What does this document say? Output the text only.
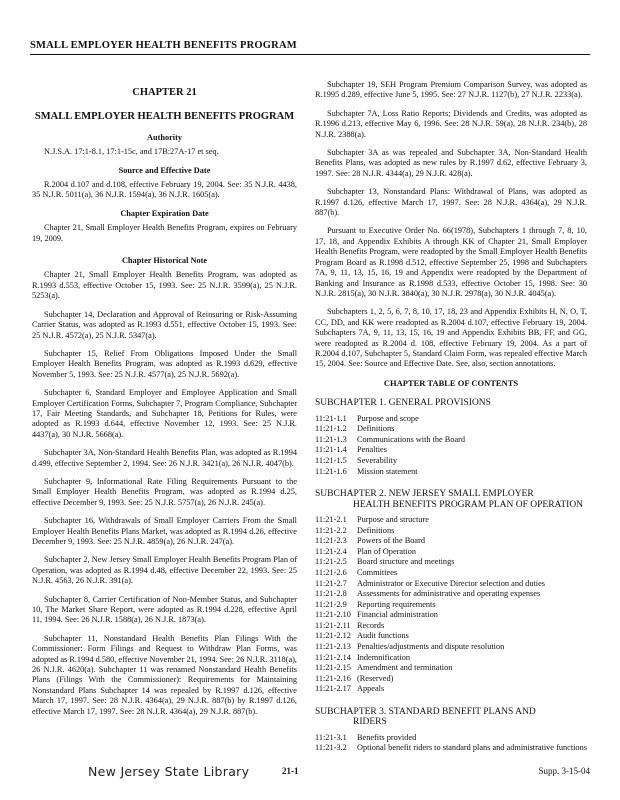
SMALL EMPLOYER HEALTH BENEFITS PROGRAM
CHAPTER 21
SMALL EMPLOYER HEALTH BENEFITS PROGRAM
Authority

N.J.S.A. 17:1-8.1, 17:1-15c, and 17B:27A-17 et seq.

Source and Effective Date

R.2004 d.107 and d.108, effective February 19, 2004. See: 35 N.J.R. 4438, 35 N.J.R. 5011(a), 36 N.J.R. 1594(a), 36 N.J.R. 1605(a).

Chapter Expiration Date

Chapter 21, Small Employer Health Benefits Program, expires on February 19, 2009.

Chapter Historical Note

Chapter 21, Small Employer Health Benefits Program, was adopted as R.1993 d.553, effective October 15, 1993. See: 25 N.J.R. 3599(a), 25 N.J.R. 5253(a).

Subchapter 14, Declaration and Approval of Reinsuring or Risk-Assuming Carrier Status, was adopted as R.1993 d.551, effective October 15, 1993. See: 25 N.J.R. 4572(a), 25 N.J.R. 5347(a).

Subchapter 15, Relief From Obligations Imposed Under the Small Employer Health Benefits Program, was adopted as R.1993 d.629, effective November 5, 1993. See: 25 N.J.R. 4577(a), 25 N.J.R. 5692(a).

Subchapter 6, Standard Employer and Employee Application and Small Employer Certification Forms, Subchapter 7, Program Compliance, Subchapter 17, Fair Meeting Standards, and Subchapter 18, Petitions for Rules, were adopted as R.1993 d.644, effective November 12, 1993. See: 25 N.J.R. 4437(a), 30 N.J.R. 5668(a).

Subchapter 3A, Non-Standard Health Benefits Plan, was adopted as R.1994 d.499, effective September 2, 1994. See: 26 N.J.R. 3421(a), 26 N.J.R. 4047(b).

Subchapter 9, Informational Rate Filing Requirements Pursuant to the Small Employer Health Benefits Program, was adopted as R.1994 d.25, effective December 9, 1993. See: 25 N.J.R. 5757(a), 26 N.J.R. 245(a).

Subchapter 16, Withdrawals of Small Employer Carriers From the Small Employer Health Benefits Plans Market, was adopted as R.1994 d.26, effective December 9, 1993. See: 25 N.J.R. 4859(a), 26 N.J.R. 247(a).

Subchapter 2, New Jersey Small Employer Health Benefits Program Plan of Operation, was adopted as R.1994 d.48, effective December 22, 1993. See: 25 N.J.R. 4563, 26 N.J.R. 391(a).

Subchapter 8, Carrier Certification of Non-Member Status, and Subchapter 10, The Market Share Report, were adopted as R.1994 d.228, effective April 11, 1994. See: 26 N.J.R. 1588(a), 26 N.J.R. 1873(a).

Subchapter 11, Nonstandard Health Benefits Plan Filings With the Commissioner: Form Filings and Request to Withdraw Plan Forms, was adopted as R.1994 d.580, effective November 21, 1994. See: 26 N.J.R. 3118(a), 26 N.J.R. 4620(a). Subchapter 11 was renamed Nonstandard Health Benefits Plans (Filings With the Commissioner): Requirements for Maintaining Nonstandard Plans Subchapter 14 was repealed by R.1997 d.126, effective March 17, 1997. See: 28 N.J.R. 4364(a), 29 N.J.R. 887(b) by R.1997 d.126, effective March 17, 1997. See: 28 N.J.R. 4364(a), 29 N.J.R. 887(b).

Subchapter 19, SEH Program Premium Comparison Survey, was adopted as R.1995 d.289, effective June 5, 1995. See: 27 N.J.R. 1127(b), 27 N.J.R. 2233(a).

Subchapter 7A, Loss Ratio Reports; Dividends and Credits, was adopted as R.1996 d.213, effective May 6, 1996. See: 28 N.J.R. 59(a), 28 N.J.R. 234(b), 28 N.J.R. 2388(a).

Subchapter 3A as was repealed and Subchapter 3A, Non-Standard Health Benefits Plans, was adopted as new rules by R.1997 d.62, effective February 3, 1997. See: 28 N.J.R. 4344(a), 29 N.J.R. 428(a).

Subchapter 13, Nonstandard Plans: Withdrawal of Plans, was adopted as R.1997 d.126, effective March 17, 1997. See: 28 N.J.R. 4364(a), 29 N.J.R. 887(b).

Pursuant to Executive Order No. 66(1978), Subchapters 1 through 7, 8, 10, 17, 18, and Appendix Exhibits A through KK of Chapter 21, Small Employer Health Benefits Program, were readopted by the Small Employer Health Benefits Program Board as R.1998 d.512, effective September 25, 1998 and Subchapters 7A, 9, 11, 13, 15, 16, 19 and Appendix were readopted by the Department of Banking and Insurance as R.1998 d.533, effective October 15, 1998. See: 30 N.J.R. 2815(a), 30 N.J.R. 3840(a), 30 N.J.R. 2978(a), 30 N.J.R. 4045(a).

Subchapters 1, 2, 5, 6, 7, 8, 10, 17, 18, 23 and Appendix Exhibits H, N, O, T, CC, DD, and KK were readopted as R.2004 d.107, effective February 19, 2004. Subchapters 7A, 9, 11, 13, 15, 16, 19 and Appendix Exhibits BB, FF, and GG, were readopted as R.2004 d. 108, effective February 19, 2004. As a part of R.2004 d.107, Subchapter 5, Standard Claim Form, was repealed effective March 15, 2004. See: Source and Effective Date. See, also, section annotations.

CHAPTER TABLE OF CONTENTS
SUBCHAPTER 1. GENERAL PROVISIONS
11:21-1.1	Purpose and scope
11:21-1.2	Definitions
11:21-1.3	Communications with the Board
11:21-1.4	Penalties
11:21-1.5	Severability
11:21-1.6	Mission statement
SUBCHAPTER 2. NEW JERSEY SMALL EMPLOYER
HEALTH BENEFITS PROGRAM PLAN OF OPERATION
11:21-2.1	Purpose and structure
11:21-2.2	Definitions
11:21-2.3	Powers of the Board
11:21-2.4	Plan of Operation
11:21-2.5	Board structure and meetings
11:21-2.6	Committees
11:21-2.7	Administrator or Executive Director selection and duties
11:21-2.8	Assessments for administrative and operating expenses
11:21-2.9	Reporting requirements
11:21-2.10 Financial administration
11:21-2.11 Records
11:21-2.12 Audit functions
11:21-2.13 Penalties/adjustments and dispute resolution
11:21-2.14 Indemnification
11:21-2.15 Amendment and termination
11:21-2.16 (Reserved)
11:21-2.17 Appeals
SUBCHAPTER 3. STANDARD BENEFIT PLANS AND
RIDERS
11:21-3.1	Benefits provided
11:21-3.2	Optional benefit riders to standard plans and administrative functions
New Jersey State Library	21-1	Supp. 3-15-04
